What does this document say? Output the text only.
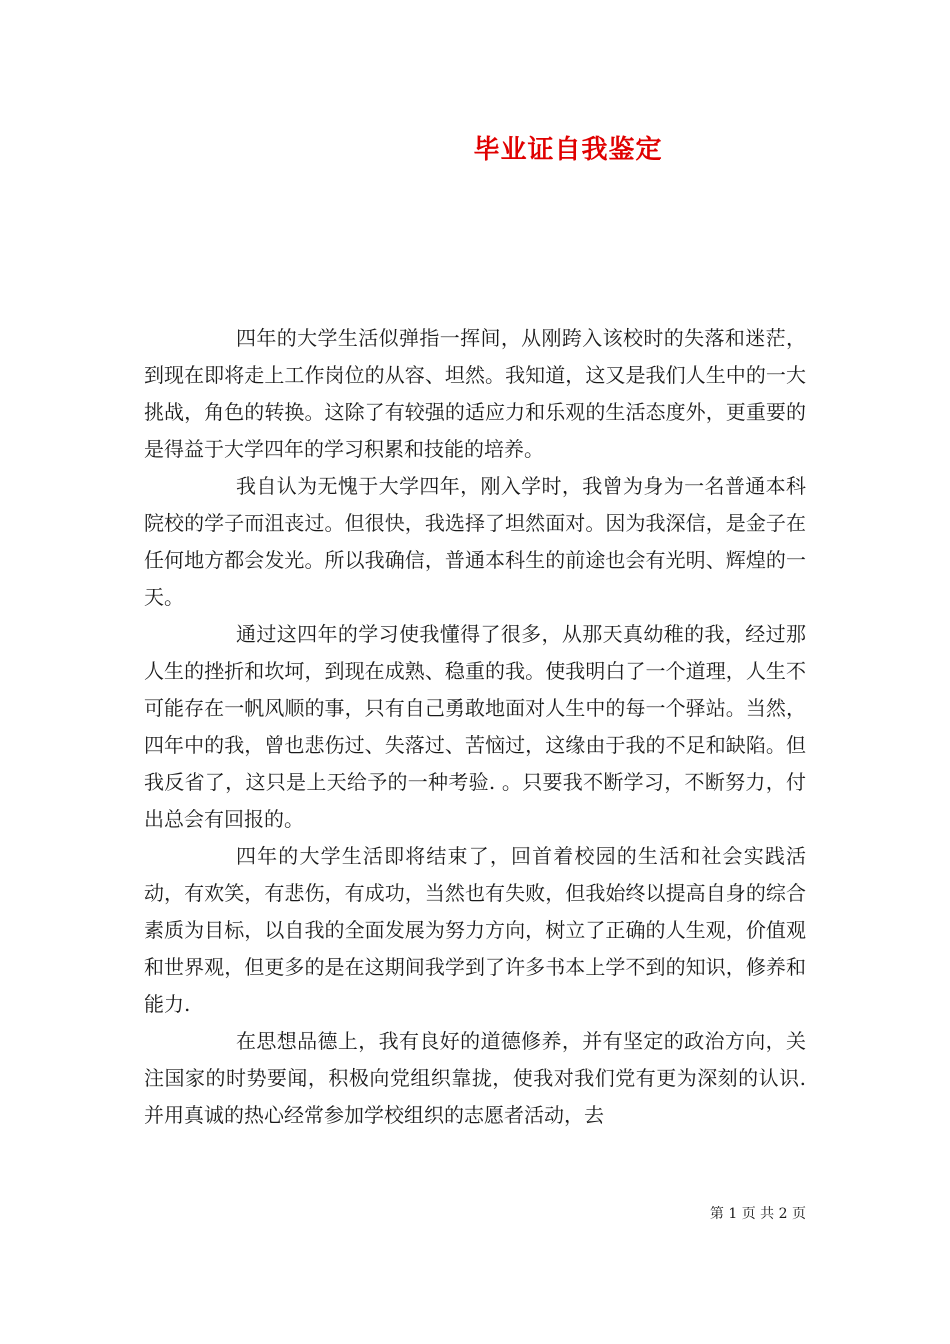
毕业证自我鉴定

四年的大学生活似弹指一挥间，从刚跨入该校时的失落和迷茫，到现在即将走上工作岗位的从容、坦然。我知道，这又是我们人生中的一大挑战，角色的转换。这除了有较强的适应力和乐观的生活态度外，更重要的是得益于大学四年的学习积累和技能的培养。

我自认为无愧于大学四年，刚入学时，我曾为身为一名普通本科院校的学子而沮丧过。但很快，我选择了坦然面对。因为我深信，是金子在任何地方都会发光。所以我确信，普通本科生的前途也会有光明、辉煌的一天。

通过这四年的学习使我懂得了很多，从那天真幼稚的我，经过那人生的挫折和坎坷，到现在成熟、稳重的我。使我明白了一个道理，人生不可能存在一帆风顺的事，只有自己勇敢地面对人生中的每一个驿站。当然，四年中的我，曾也悲伤过、失落过、苦恼过，这缘由于我的不足和缺陷。但我反省了，这只是上天给予的一种考验. 。只要我不断学习，不断努力，付出总会有回报的。

四年的大学生活即将结束了，回首着校园的生活和社会实践活动，有欢笑，有悲伤，有成功，当然也有失败，但我始终以提高自身的综合素质为目标，以自我的全面发展为努力方向，树立了正确的人生观，价值观和世界观，但更多的是在这期间我学到了许多书本上学不到的知识，修养和能力.

在思想品德上，我有良好的道德修养，并有坚定的政治方向，关注国家的时势要闻，积极向党组织靠拢，使我对我们党有更为深刻的认识. 并用真诚的热心经常参加学校组织的志愿者活动，去

第 1 页 共 2 页
